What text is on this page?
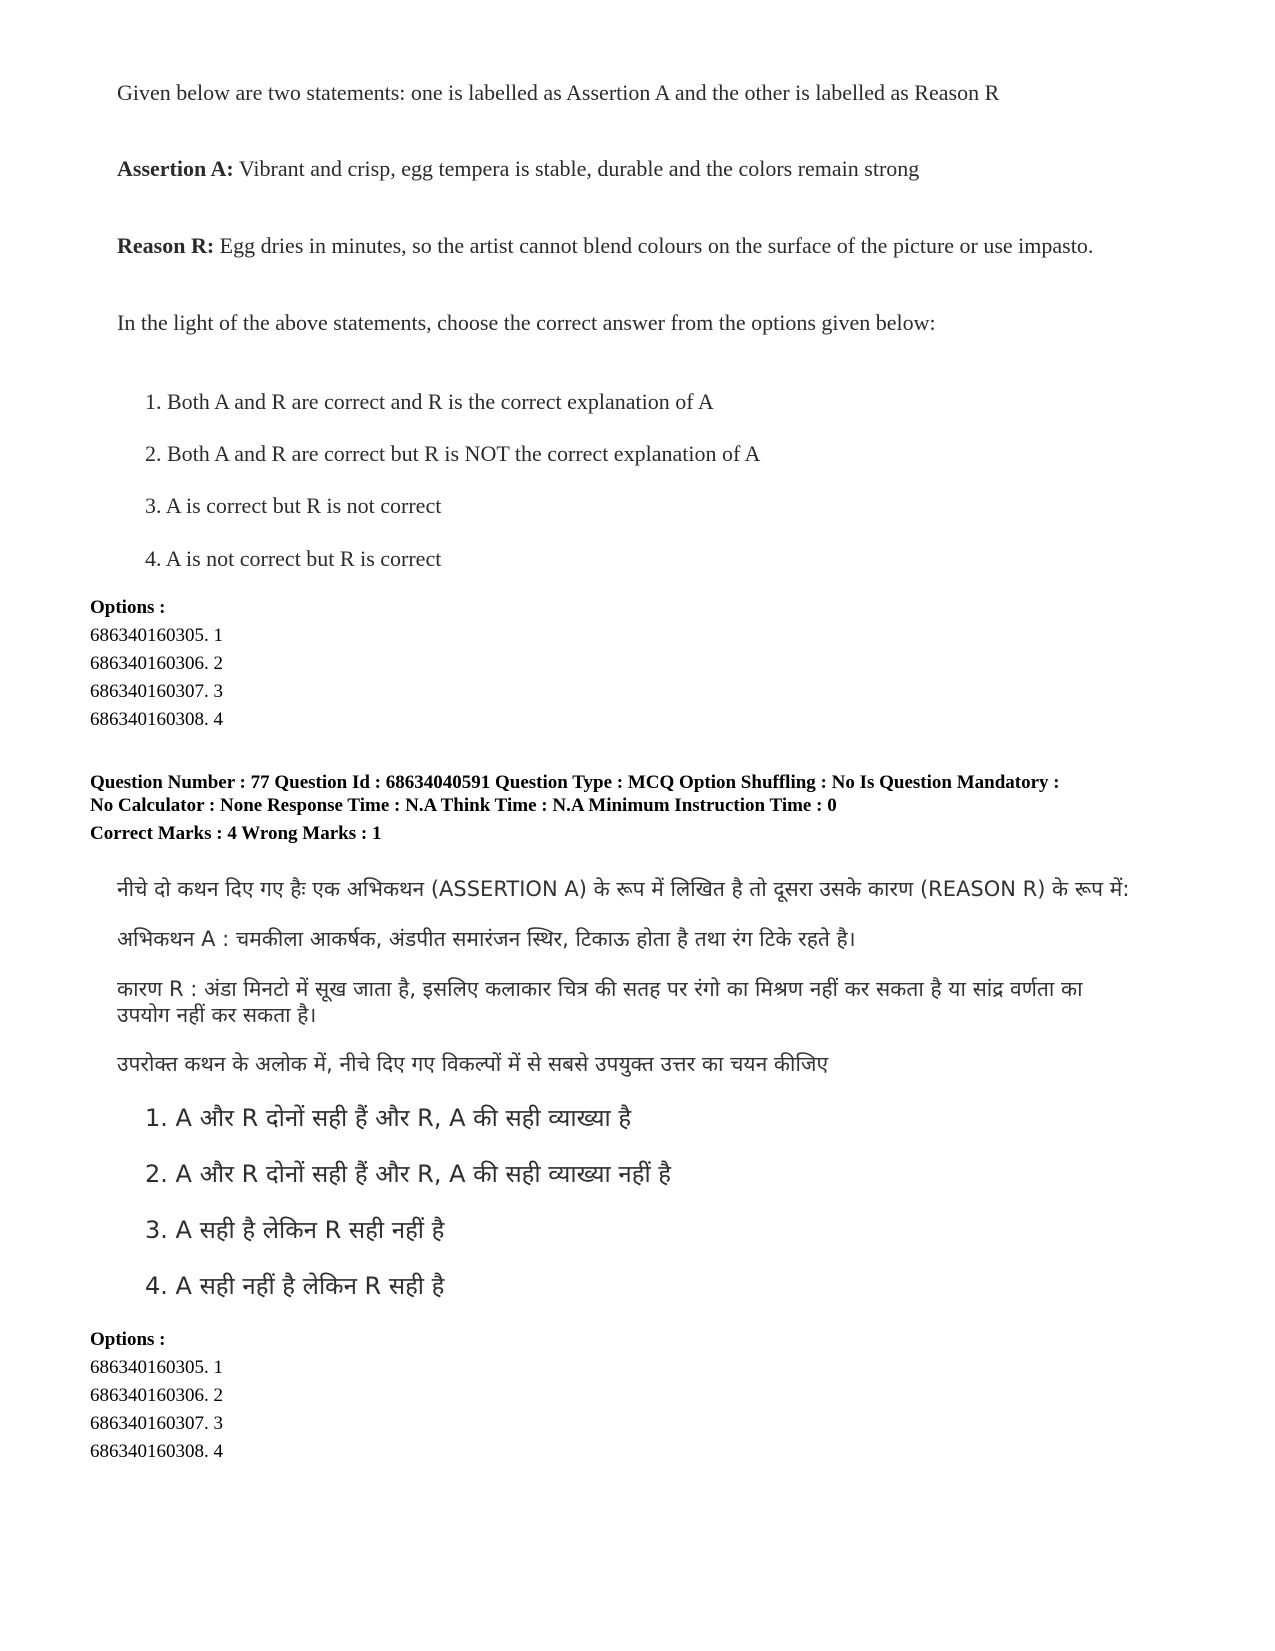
Given below are two statements: one is labelled as Assertion A and the other is labelled as Reason R
Assertion A: Vibrant and crisp, egg tempera is stable, durable and the colors remain strong
Reason R: Egg dries in minutes, so the artist cannot blend colours on the surface of the picture or use impasto.
In the light of the above statements, choose the correct answer from the options given below:
1. Both A and R are correct and R is the correct explanation of A
2. Both A and R are correct but R is NOT the correct explanation of A
3. A is correct but R is not correct
4. A is not correct but R is correct
Options :
686340160305. 1
686340160306. 2
686340160307. 3
686340160308. 4
Question Number : 77 Question Id : 68634040591 Question Type : MCQ Option Shuffling : No Is Question Mandatory :
No Calculator : None Response Time : N.A Think Time : N.A Minimum Instruction Time : 0
Correct Marks : 4 Wrong Marks : 1
नीचे दो कथन दिए गए हैः एक अभिकथन (ASSERTION A) के रूप में लिखित है तो दूसरा उसके कारण (REASON R) के रूप में:
अभिकथन A : चमकीला आकर्षक, अंडपीत समारंजन स्थिर, टिकाऊ होता है तथा रंग टिके रहते है।
कारण R : अंडा मिनटो में सूख जाता है, इसलिए कलाकार चित्र की सतह पर रंगो का मिश्रण नहीं कर सकता है या सांद्र वर्णता का
उपयोग नहीं कर सकता है।
उपरोक्त कथन के अलोक में, नीचे दिए गए विकल्पों में से सबसे उपयुक्त उत्तर का चयन कीजिए
1. A और R दोनों सही हैं और R, A की सही व्याख्या है
2. A और R दोनों सही हैं और R, A की सही व्याख्या नहीं है
3. A सही है लेकिन R सही नहीं है
4. A सही नहीं है लेकिन R सही है
Options :
686340160305. 1
686340160306. 2
686340160307. 3
686340160308. 4
